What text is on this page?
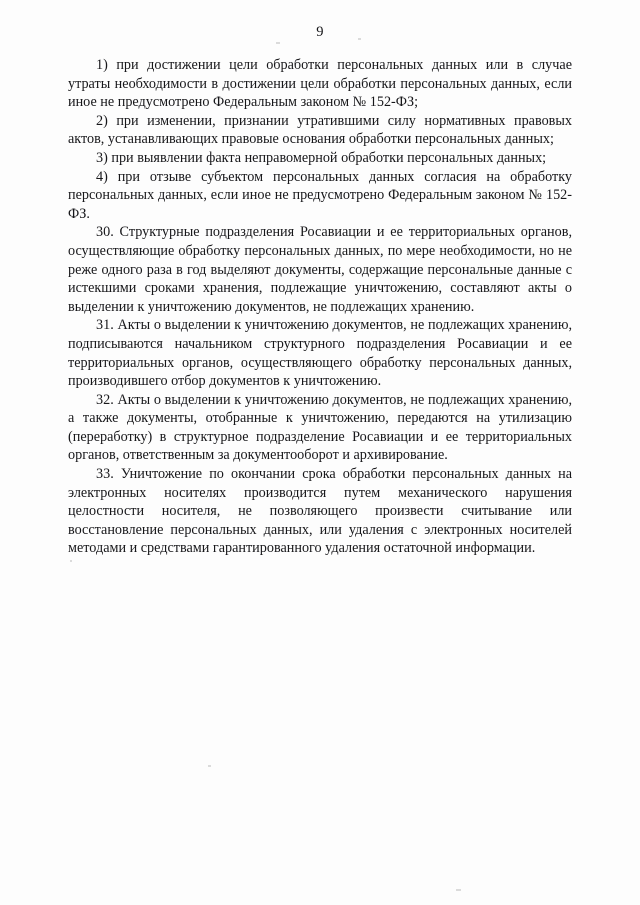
9

1) при достижении цели обработки персональных данных или в случае утраты необходимости в достижении цели обработки персональных данных, если иное не предусмотрено Федеральным законом № 152-ФЗ;

2) при изменении, признании утратившими силу нормативных правовых актов, устанавливающих правовые основания обработки персональных данных;

3) при выявлении факта неправомерной обработки персональных данных;

4) при отзыве субъектом персональных данных согласия на обработку персональных данных, если иное не предусмотрено Федеральным законом № 152-ФЗ.

30. Структурные подразделения Росавиации и ее территориальных органов, осуществляющие обработку персональных данных, по мере необходимости, но не реже одного раза в год выделяют документы, содержащие персональные данные с истекшими сроками хранения, подлежащие уничтожению, составляют акты о выделении к уничтожению документов, не подлежащих хранению.

31. Акты о выделении к уничтожению документов, не подлежащих хранению, подписываются начальником структурного подразделения Росавиации и ее территориальных органов, осуществляющего обработку персональных данных, производившего отбор документов к уничтожению.

32. Акты о выделении к уничтожению документов, не подлежащих хранению, а также документы, отобранные к уничтожению, передаются на утилизацию (переработку) в структурное подразделение Росавиации и ее территориальных органов, ответственным за документооборот и архивирование.

33. Уничтожение по окончании срока обработки персональных данных на электронных носителях производится путем механического нарушения целостности носителя, не позволяющего произвести считывание или восстановление персональных данных, или удаления с электронных носителей методами и средствами гарантированного удаления остаточной информации.
